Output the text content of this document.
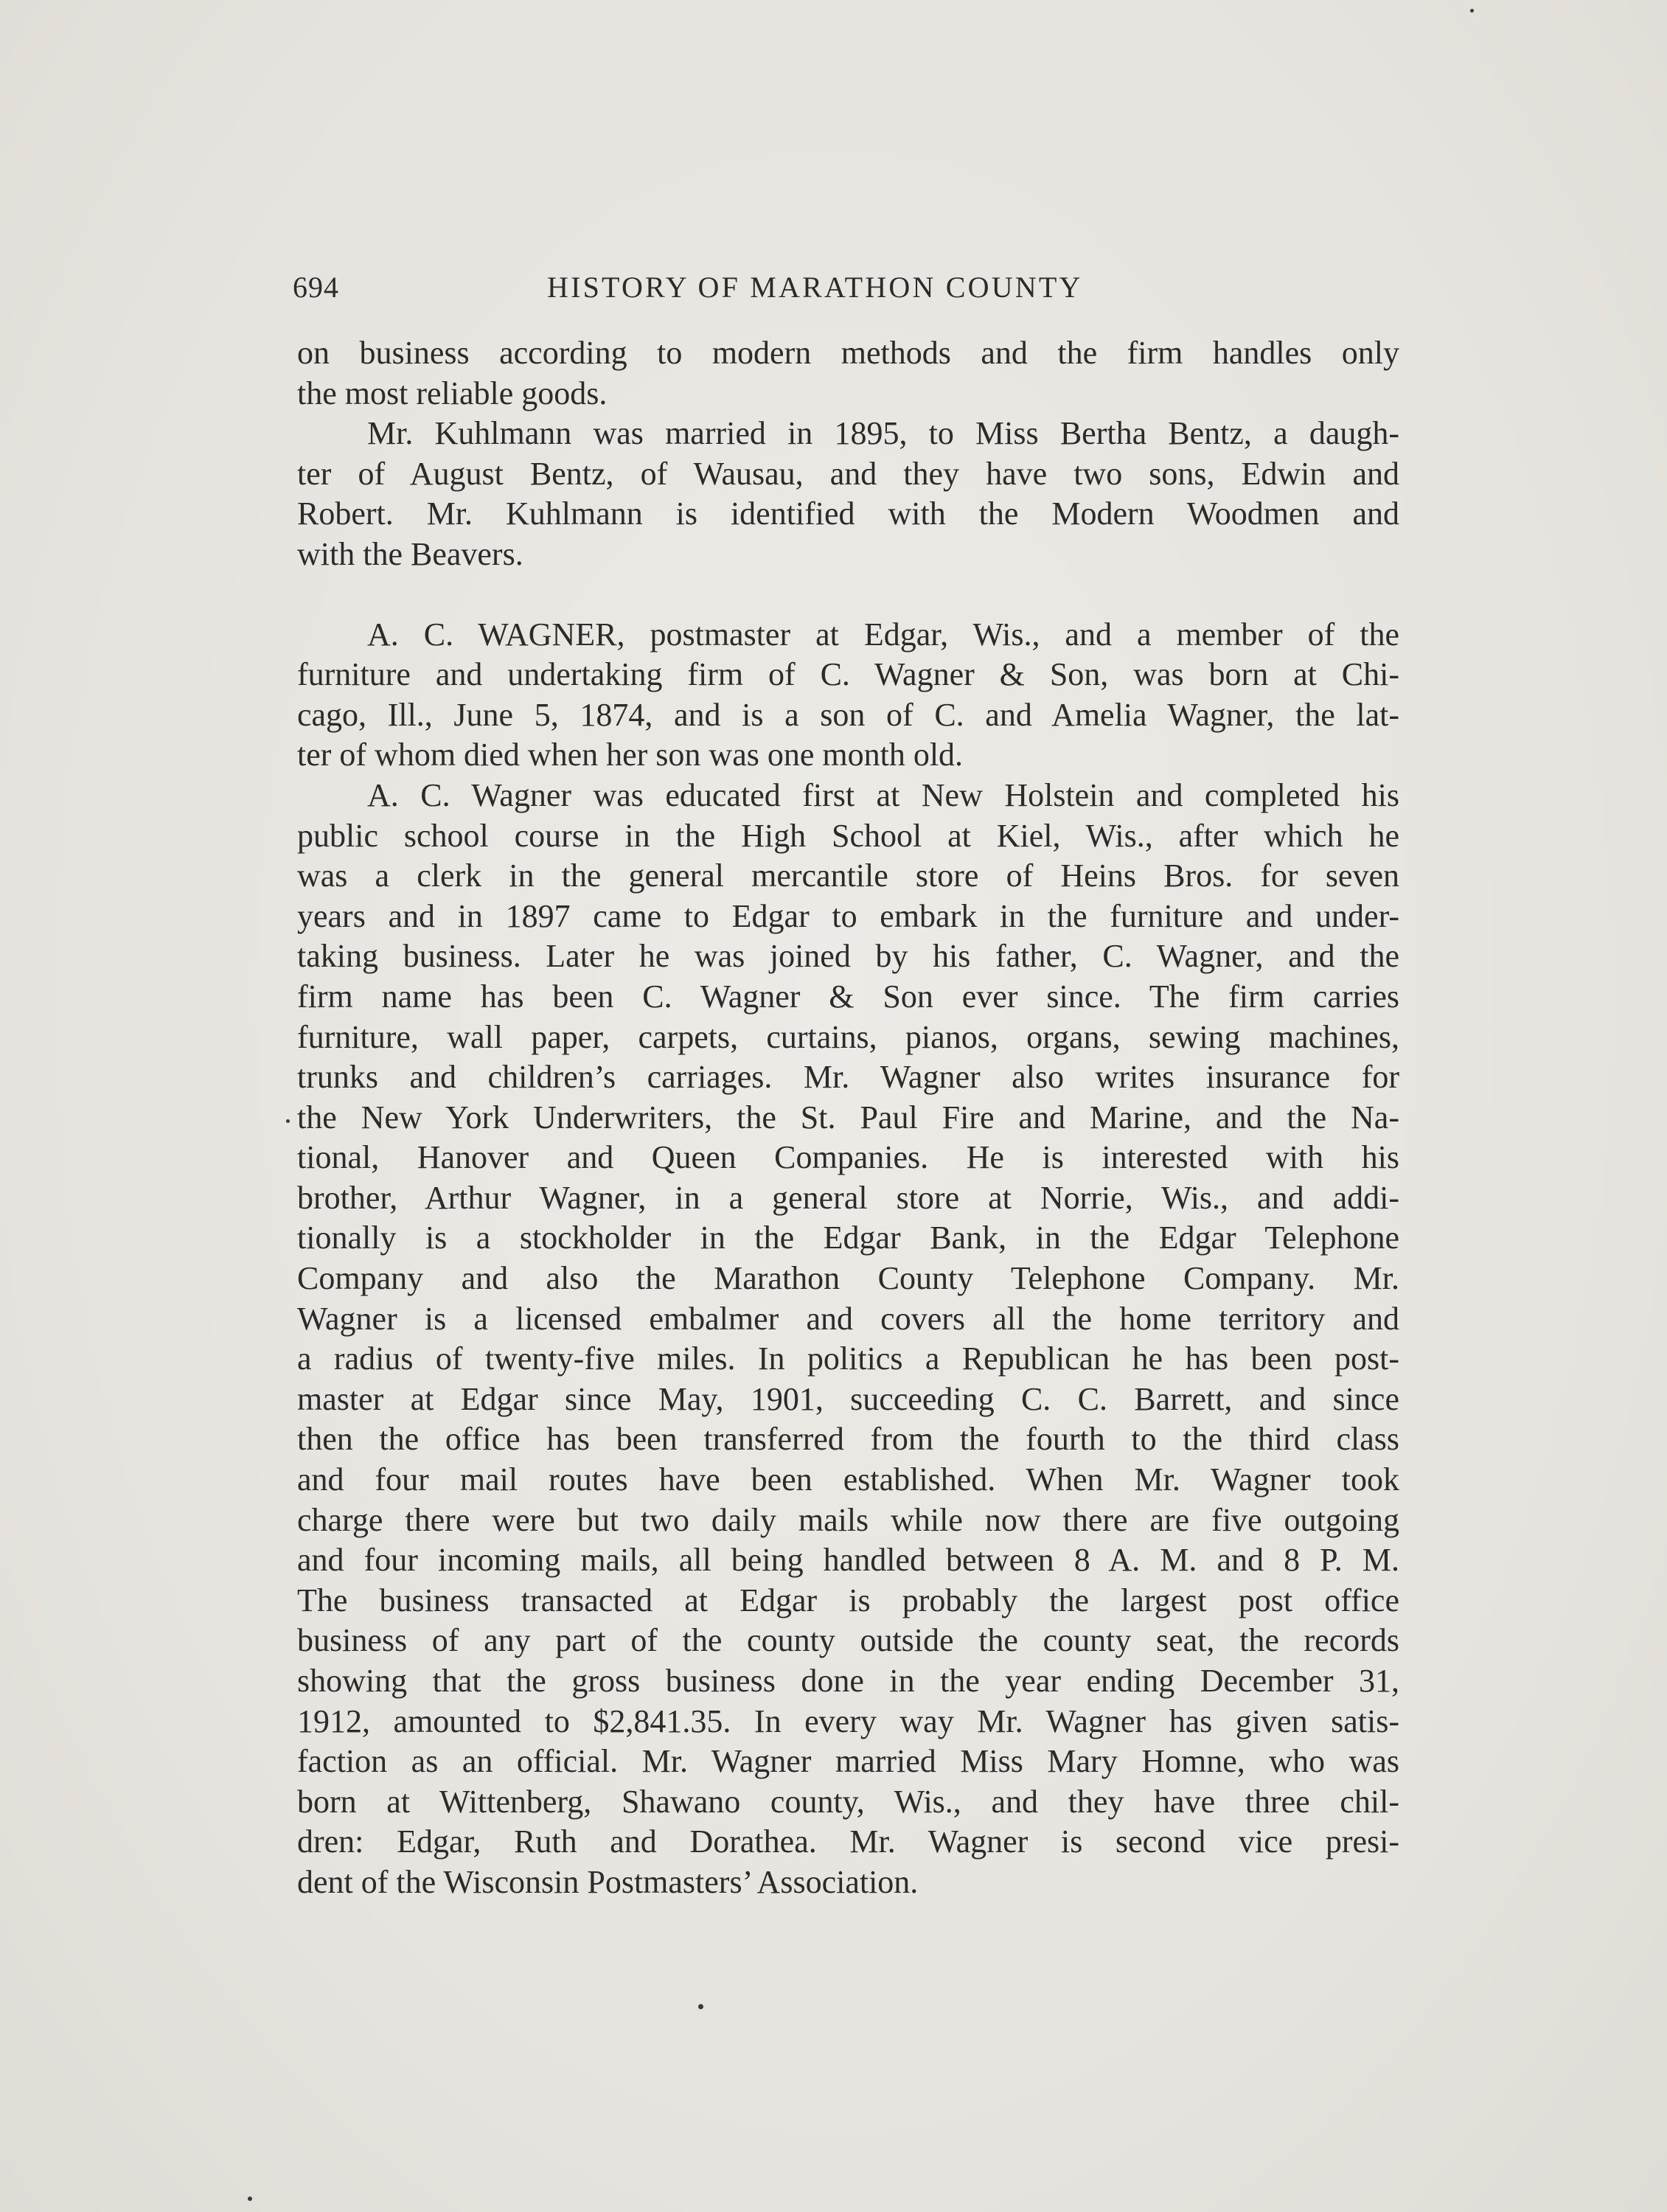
694	HISTORY OF MARATHON COUNTY
on business according to modern methods and the firm handles only
the most reliable goods.
Mr. Kuhlmann was married in 1895, to Miss Bertha Bentz, a daugh-
ter of August Bentz, of Wausau, and they have two sons, Edwin and
Robert. Mr. Kuhlmann is identified with the Modern Woodmen and
with the Beavers.
A. C. WAGNER, postmaster at Edgar, Wis., and a member of the
furniture and undertaking firm of C. Wagner & Son, was born at Chi-
cago, Ill., June 5, 1874, and is a son of C. and Amelia Wagner, the lat-
ter of whom died when her son was one month old.
A. C. Wagner was educated first at New Holstein and completed his
public school course in the High School at Kiel, Wis., after which he
was a clerk in the general mercantile store of Heins Bros. for seven
years and in 1897 came to Edgar to embark in the furniture and under-
taking business. Later he was joined by his father, C. Wagner, and the
firm name has been C. Wagner & Son ever since. The firm carries
furniture, wall paper, carpets, curtains, pianos, organs, sewing machines,
trunks and children’s carriages. Mr. Wagner also writes insurance for
the New York Underwriters, the St. Paul Fire and Marine, and the Na-
tional, Hanover and Queen Companies. He is interested with his
brother, Arthur Wagner, in a general store at Norrie, Wis., and addi-
tionally is a stockholder in the Edgar Bank, in the Edgar Telephone
Company and also the Marathon County Telephone Company. Mr.
Wagner is a licensed embalmer and covers all the home territory and
a radius of twenty-five miles. In politics a Republican he has been post-
master at Edgar since May, 1901, succeeding C. C. Barrett, and since
then the office has been transferred from the fourth to the third class
and four mail routes have been established. When Mr. Wagner took
charge there were but two daily mails while now there are five outgoing
and four incoming mails, all being handled between 8 A. M. and 8 P. M.
The business transacted at Edgar is probably the largest post office
business of any part of the county outside the county seat, the records
showing that the gross business done in the year ending December 31,
1912, amounted to $2,841.35. In every way Mr. Wagner has given satis-
faction as an official. Mr. Wagner married Miss Mary Homne, who was
born at Wittenberg, Shawano county, Wis., and they have three chil-
dren: Edgar, Ruth and Dorathea. Mr. Wagner is second vice presi-
dent of the Wisconsin Postmasters’ Association.
